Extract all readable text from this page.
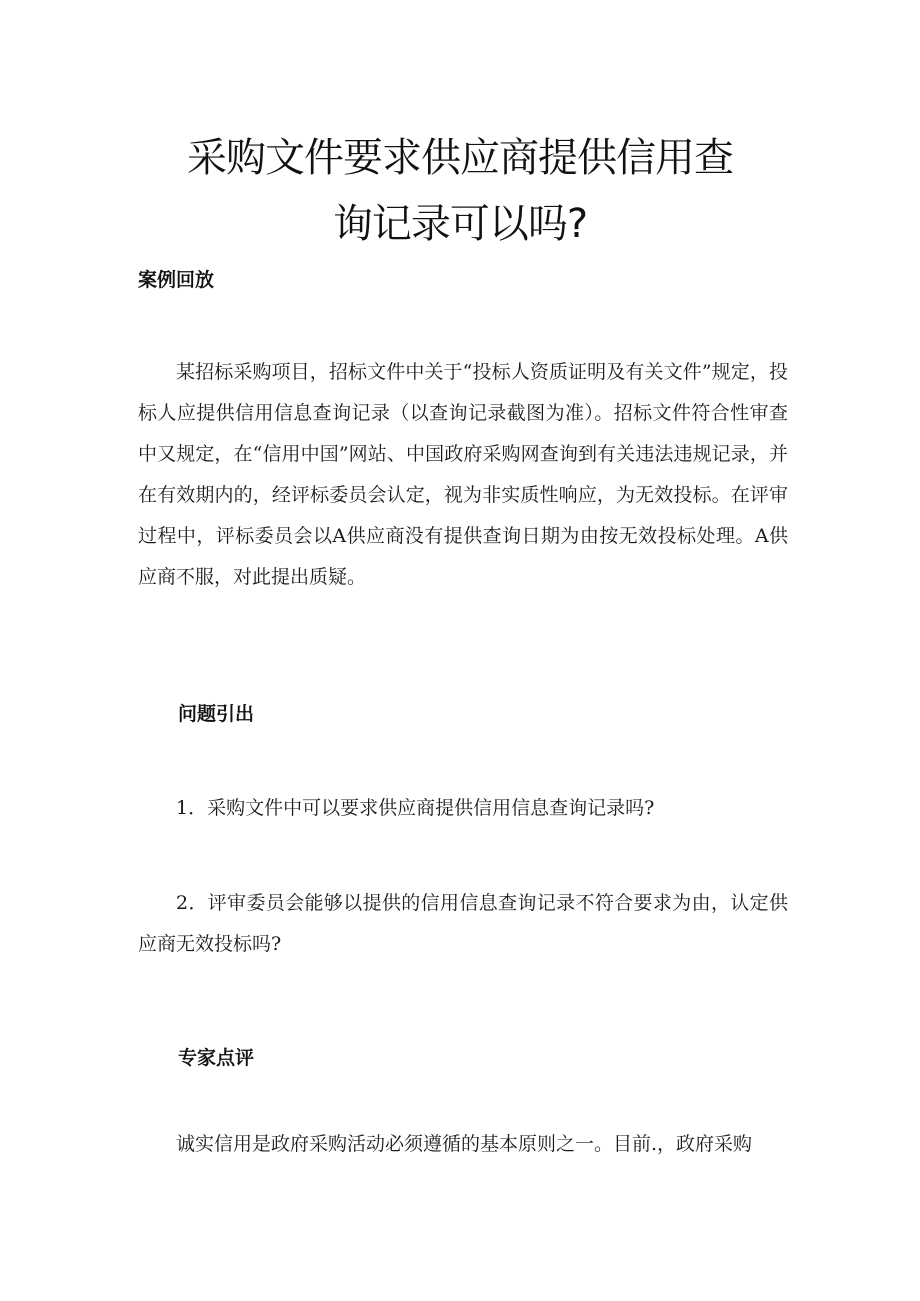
采购文件要求供应商提供信用查
询记录可以吗?
案例回放
某招标采购项目，招标文件中关于“投标人资质证明及有关文件”规定，投标人应提供信用信息查询记录（以查询记录截图为准）。招标文件符合性审查中又规定，在“信用中国”网站、中国政府采购网查询到有关违法违规记录，并在有效期内的，经评标委员会认定，视为非实质性响应，为无效投标。在评审过程中，评标委员会以A供应商没有提供查询日期为由按无效投标处理。A供应商不服，对此提出质疑。
问题引出
1．采购文件中可以要求供应商提供信用信息查询记录吗?
2．评审委员会能够以提供的信用信息查询记录不符合要求为由，认定供应商无效投标吗?
专家点评
诚实信用是政府采购活动必须遵循的基本原则之一。目前.，政府采购
